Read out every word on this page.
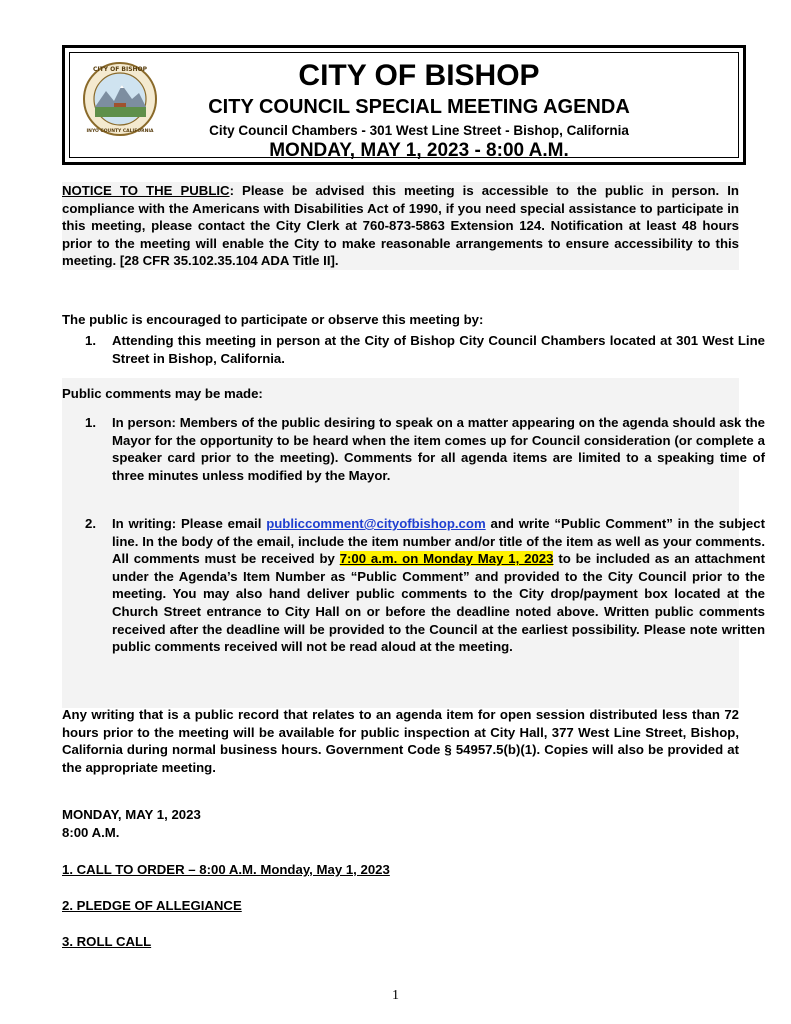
CITY OF BISHOP
INYO COUNTY CALIFORNIA
CITY OF BISHOP
CITY COUNCIL SPECIAL MEETING AGENDA
City Council Chambers - 301 West Line Street - Bishop, California
MONDAY, MAY 1, 2023 - 8:00 A.M.
NOTICE TO THE PUBLIC: Please be advised this meeting is accessible to the public in person. In compliance with the Americans with Disabilities Act of 1990, if you need special assistance to participate in this meeting, please contact the City Clerk at 760-873-5863 Extension 124. Notification at least 48 hours prior to the meeting will enable the City to make reasonable arrangements to ensure accessibility to this meeting. [28 CFR 35.102.35.104 ADA Title II].
The public is encouraged to participate or observe this meeting by:
1. Attending this meeting in person at the City of Bishop City Council Chambers located at 301 West Line Street in Bishop, California.
Public comments may be made:
1. In person: Members of the public desiring to speak on a matter appearing on the agenda should ask the Mayor for the opportunity to be heard when the item comes up for Council consideration (or complete a speaker card prior to the meeting). Comments for all agenda items are limited to a speaking time of three minutes unless modified by the Mayor.
2. In writing: Please email publiccomment@cityofbishop.com and write “Public Comment” in the subject line. In the body of the email, include the item number and/or title of the item as well as your comments. All comments must be received by 7:00 a.m. on Monday May 1, 2023 to be included as an attachment under the Agenda’s Item Number as “Public Comment” and provided to the City Council prior to the meeting. You may also hand deliver public comments to the City drop/payment box located at the Church Street entrance to City Hall on or before the deadline noted above. Written public comments received after the deadline will be provided to the Council at the earliest possibility. Please note written public comments received will not be read aloud at the meeting.
Any writing that is a public record that relates to an agenda item for open session distributed less than 72 hours prior to the meeting will be available for public inspection at City Hall, 377 West Line Street, Bishop, California during normal business hours. Government Code § 54957.5(b)(1). Copies will also be provided at the appropriate meeting.
MONDAY, MAY 1, 2023
8:00 A.M.
1. CALL TO ORDER – 8:00 A.M. Monday, May 1, 2023
2. PLEDGE OF ALLEGIANCE
3. ROLL CALL
1
